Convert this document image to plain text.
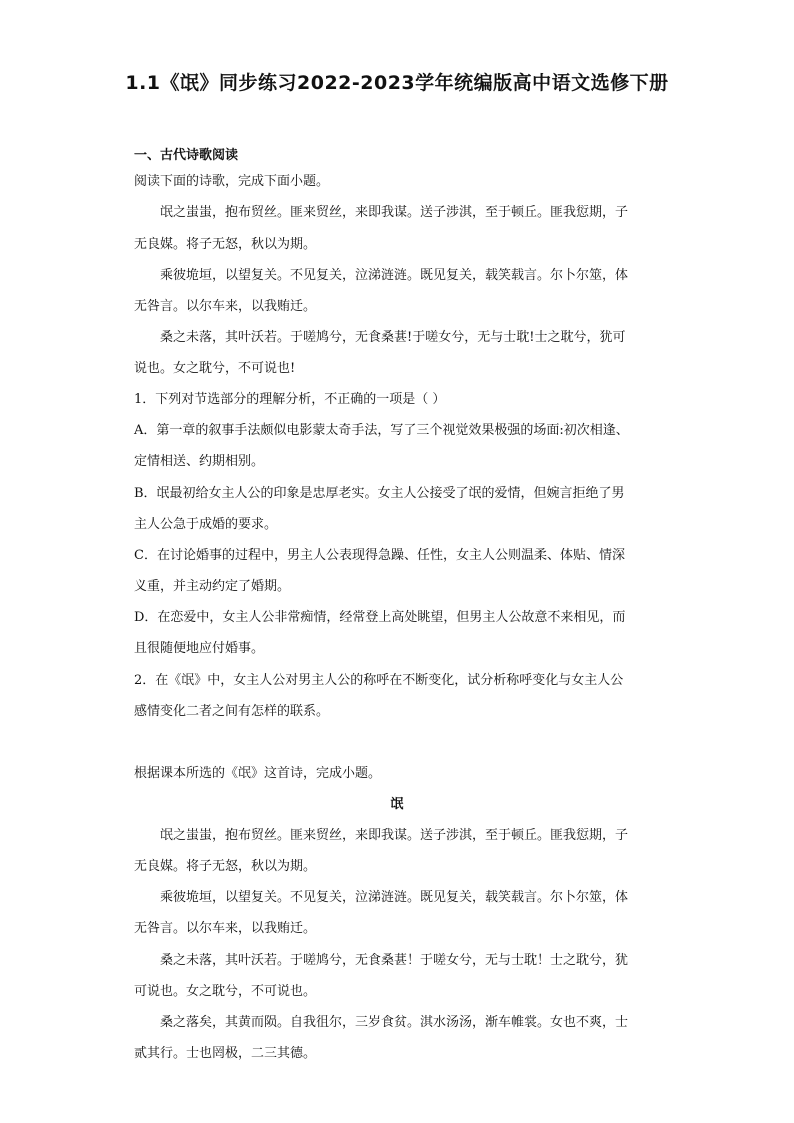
1.1《氓》同步练习2022-2023学年统编版高中语文选修下册
一、古代诗歌阅读
阅读下面的诗歌，完成下面小题。
氓之蚩蚩，抱布贸丝。匪来贸丝，来即我谋。送子涉淇，至于顿丘。匪我愆期，子
无良媒。将子无怒，秋以为期。
乘彼垝垣，以望复关。不见复关，泣涕涟涟。既见复关，载笑载言。尔卜尔筮，体
无咎言。以尔车来，以我贿迁。
桑之未落，其叶沃若。于嗟鸠兮，无食桑葚!于嗟女兮，无与士耽!士之耽兮，犹可
说也。女之耽兮，不可说也!
1．下列对节选部分的理解分析，不正确的一项是（ ）
A．第一章的叙事手法颇似电影蒙太奇手法，写了三个视觉效果极强的场面:初次相逢、
定情相送、约期相别。
B．氓最初给女主人公的印象是忠厚老实。女主人公接受了氓的爱情，但婉言拒绝了男
主人公急于成婚的要求。
C．在讨论婚事的过程中，男主人公表现得急躁、任性，女主人公则温柔、体贴、情深
义重，并主动约定了婚期。
D．在恋爱中，女主人公非常痴情，经常登上高处眺望，但男主人公故意不来相见，而
且很随便地应付婚事。
2．在《氓》中，女主人公对男主人公的称呼在不断变化，试分析称呼变化与女主人公
感情变化二者之间有怎样的联系。
根据课本所选的《氓》这首诗，完成小题。
氓
氓之蚩蚩，抱布贸丝。匪来贸丝，来即我谋。送子涉淇，至于顿丘。匪我愆期，子
无良媒。将子无怒，秋以为期。
乘彼垝垣，以望复关。不见复关，泣涕涟涟。既见复关，载笑载言。尔卜尔筮，体
无咎言。以尔车来，以我贿迁。
桑之未落，其叶沃若。于嗟鸠兮，无食桑葚！于嗟女兮，无与士耽！士之耽兮，犹
可说也。女之耽兮，不可说也。
桑之落矣，其黄而陨。自我徂尔，三岁食贫。淇水汤汤，渐车帷裳。女也不爽，士
贰其行。士也罔极，二三其德。
